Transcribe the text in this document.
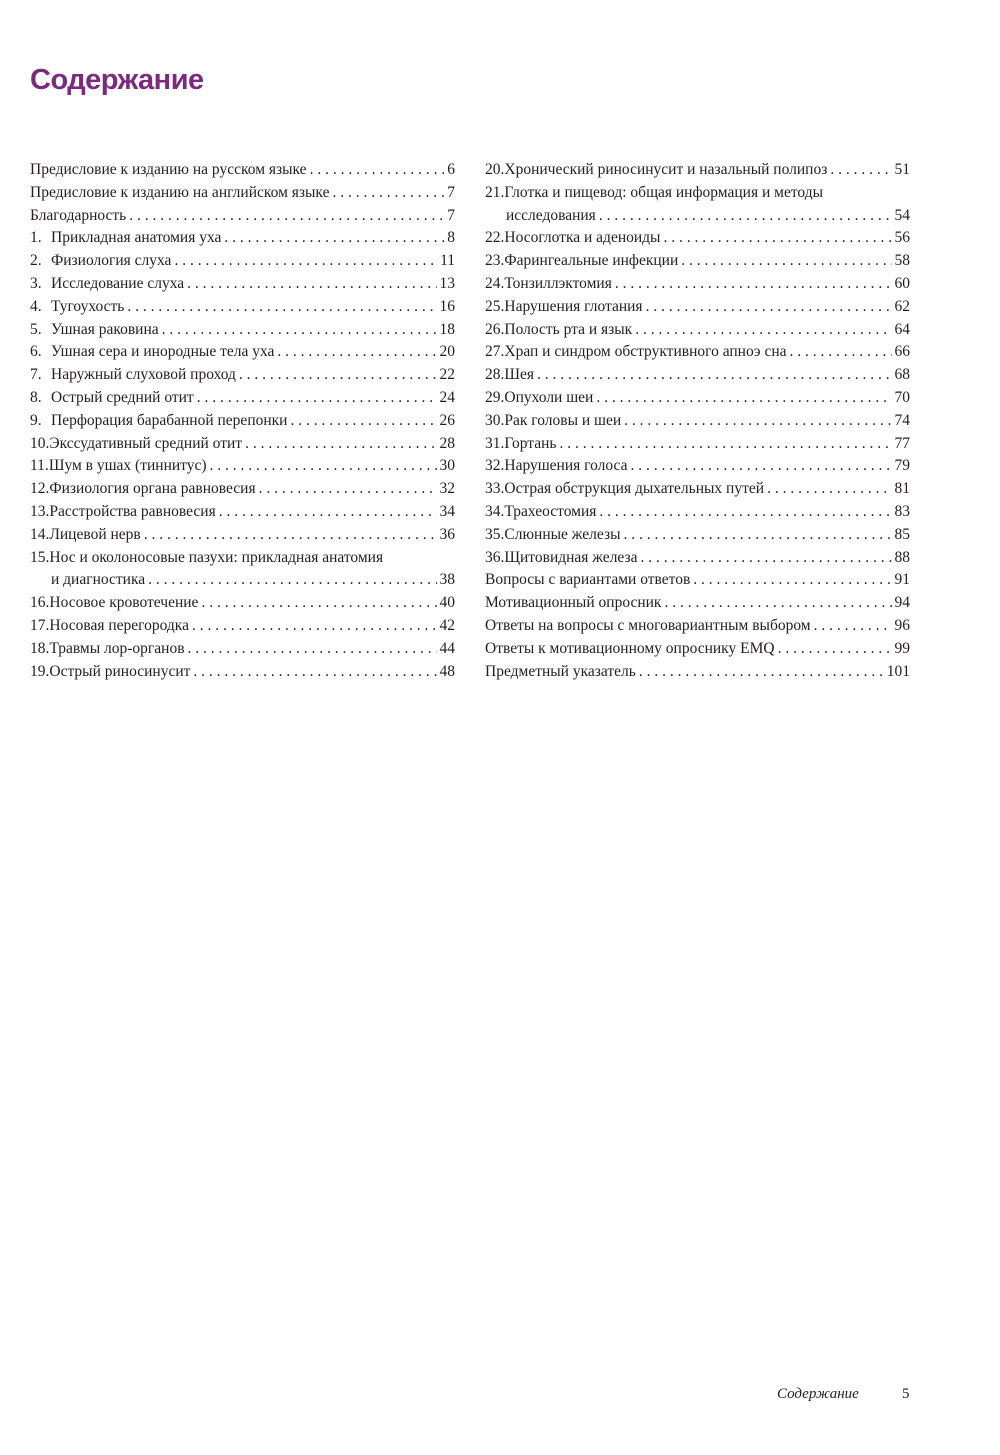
Содержание
Предисловие к изданию на русском языке . . .	6
Предисловие к изданию на английском языке . . .	7
Благодарность . . .	7
1. Прикладная анатомия уха . . .	8
2. Физиология слуха . . .	11
3. Исследование слуха . . .	13
4. Тугоухость . . .	16
5. Ушная раковина . . .	18
6. Ушная сера и инородные тела уха . . .	20
7. Наружный слуховой проход . . .	22
8. Острый средний отит . . .	24
9. Перфорация барабанной перепонки . . .	26
10. Экссудативный средний отит . . .	28
11. Шум в ушах (тиннитус) . . .	30
12. Физиология органа равновесия . . .	32
13. Расстройства равновесия . . .	34
14. Лицевой нерв . . .	36
15. Нос и околоносовые пазухи: прикладная анатомия
и диагностика . . .	38
16. Носовое кровотечение . . .	40
17. Носовая перегородка . . .	42
18. Травмы лор-органов . . .	44
19. Острый риносинусит . . .	48
20. Хронический риносинусит и назальный полипоз . . .	51
21. Глотка и пищевод: общая информация и методы
исследования . . .	54
22. Носоглотка и аденоиды . . .	56
23. Фарингеальные инфекции . . .	58
24. Тонзиллэктомия . . .	60
25. Нарушения глотания . . .	62
26. Полость рта и язык . . .	64
27. Храп и синдром обструктивного апноэ сна . . .	66
28. Шея . . .	68
29. Опухоли шеи . . .	70
30. Рак головы и шеи . . .	74
31. Гортань . . .	77
32. Нарушения голоса . . .	79
33. Острая обструкция дыхательных путей . . .	81
34. Трахеостомия . . .	83
35. Слюнные железы . . .	85
36. Щитовидная железа . . .	88
Вопросы с вариантами ответов . . .	91
Мотивационный опросник . . .	94
Ответы на вопросы с многовариантным выбором . . .	96
Ответы к мотивационному опроснику EMQ . . .	99
Предметный указатель . . .	101
Содержание	5
